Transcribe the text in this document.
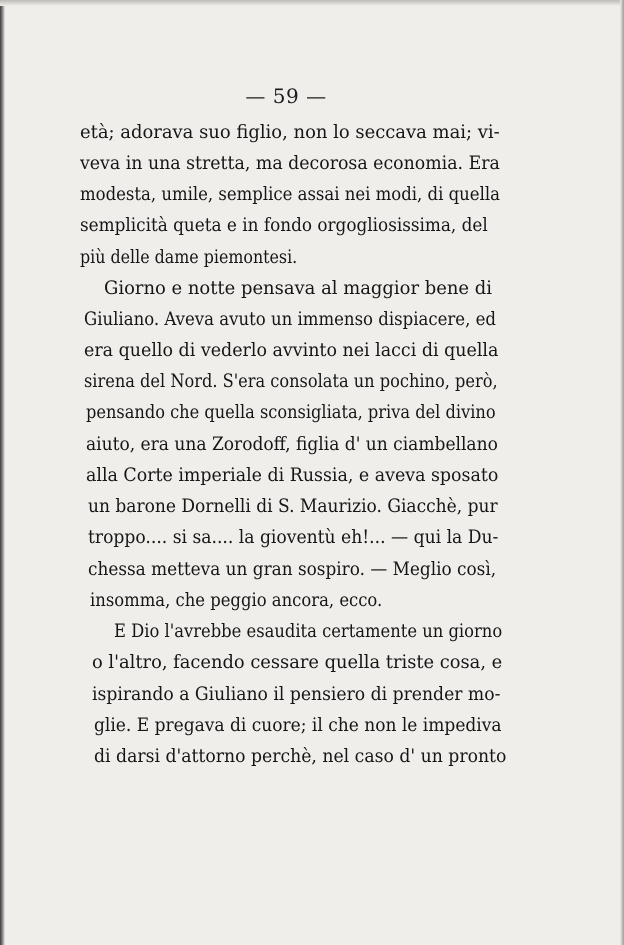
— 59 —
età; adorava suo figlio, non lo seccava mai; vi-
veva in una stretta, ma decorosa economia. Era
modesta, umile, semplice assai nei modi, di quella
semplicità queta e in fondo orgogliosissima, del
più delle dame piemontesi.
Giorno e notte pensava al maggior bene di
Giuliano. Aveva avuto un immenso dispiacere, ed
era quello di vederlo avvinto nei lacci di quella
sirena del Nord. S'era consolata un pochino, però,
pensando che quella sconsigliata, priva del divino
aiuto, era una Zorodoff, figlia d' un ciambellano
alla Corte imperiale di Russia, e aveva sposato
un barone Dornelli di S. Maurizio. Giacchè, pur
troppo.... si sa.... la gioventù eh!... — qui la Du-
chessa metteva un gran sospiro. — Meglio così,
insomma, che peggio ancora, ecco.
E Dio l'avrebbe esaudita certamente un giorno
o l'altro, facendo cessare quella triste cosa, e
ispirando a Giuliano il pensiero di prender mo-
glie. E pregava di cuore; il che non le impediva
di darsi d'attorno perchè, nel caso d' un pronto
